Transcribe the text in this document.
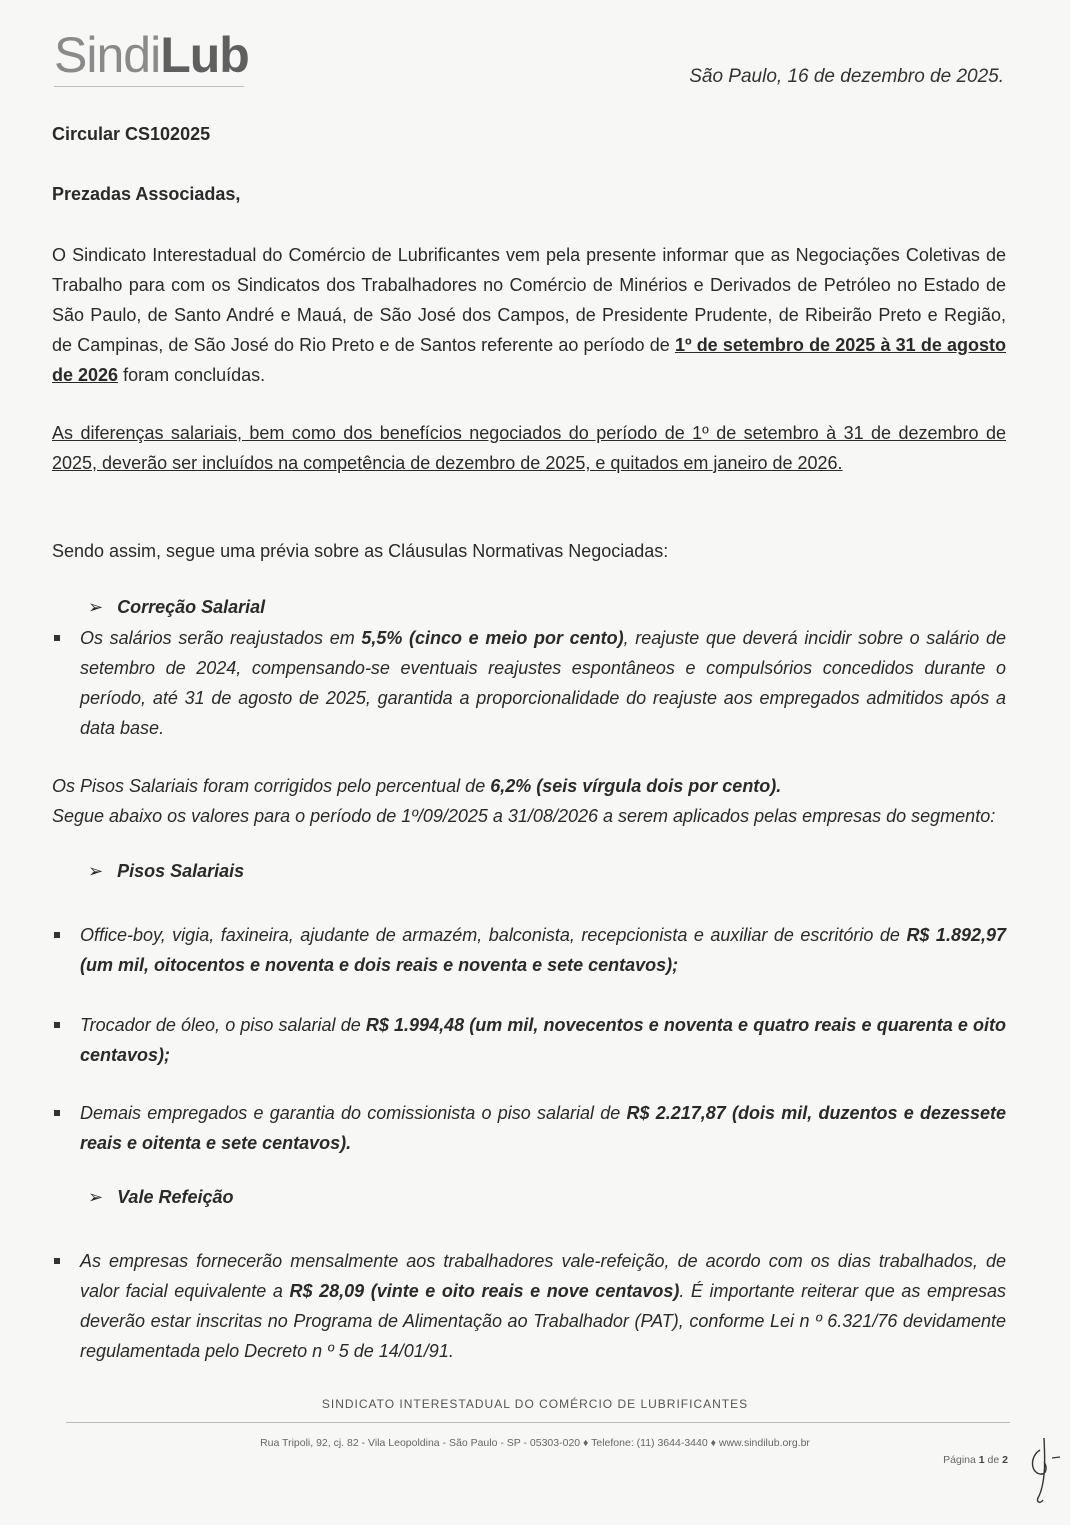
SindiLub	São Paulo, 16 de dezembro de 2025.
Circular CS102025
Prezadas Associadas,
O Sindicato Interestadual do Comércio de Lubrificantes vem pela presente informar que as Negociações Coletivas de Trabalho para com os Sindicatos dos Trabalhadores no Comércio de Minérios e Derivados de Petróleo no Estado de São Paulo, de Santo André e Mauá, de São José dos Campos, de Presidente Prudente, de Ribeirão Preto e Região, de Campinas, de São José do Rio Preto e de Santos referente ao período de 1º de setembro de 2025 à 31 de agosto de 2026 foram concluídas.
As diferenças salariais, bem como dos benefícios negociados do período de 1º de setembro à 31 de dezembro de 2025, deverão ser incluídos na competência de dezembro de 2025, e quitados em janeiro de 2026.
Sendo assim, segue uma prévia sobre as Cláusulas Normativas Negociadas:
➢ Correção Salarial
Os salários serão reajustados em 5,5% (cinco e meio por cento), reajuste que deverá incidir sobre o salário de setembro de 2024, compensando-se eventuais reajustes espontâneos e compulsórios concedidos durante o período, até 31 de agosto de 2025, garantida a proporcionalidade do reajuste aos empregados admitidos após a data base.
Os Pisos Salariais foram corrigidos pelo percentual de 6,2% (seis vírgula dois por cento).
Segue abaixo os valores para o período de 1º/09/2025 a 31/08/2026 a serem aplicados pelas empresas do segmento:
➢ Pisos Salariais
Office-boy, vigia, faxineira, ajudante de armazém, balconista, recepcionista e auxiliar de escritório de R$ 1.892,97 (um mil, oitocentos e noventa e dois reais e noventa e sete centavos);
Trocador de óleo, o piso salarial de R$ 1.994,48 (um mil, novecentos e noventa e quatro reais e quarenta e oito centavos);
Demais empregados e garantia do comissionista o piso salarial de R$ 2.217,87 (dois mil, duzentos e dezessete reais e oitenta e sete centavos).
➢ Vale Refeição
As empresas fornecerão mensalmente aos trabalhadores vale-refeição, de acordo com os dias trabalhados, de valor facial equivalente a R$ 28,09 (vinte e oito reais e nove centavos). É importante reiterar que as empresas deverão estar inscritas no Programa de Alimentação ao Trabalhador (PAT), conforme Lei n º 6.321/76 devidamente regulamentada pelo Decreto n º 5 de 14/01/91.
SINDICATO INTERESTADUAL DO COMÉRCIO DE LUBRIFICANTES
Rua Tripoli, 92, cj. 82 - Vila Leopoldina - São Paulo - SP - 05303-020 ♦ Telefone: (11) 3644-3440 ♦ www.sindilub.org.br
Página 1 de 2
